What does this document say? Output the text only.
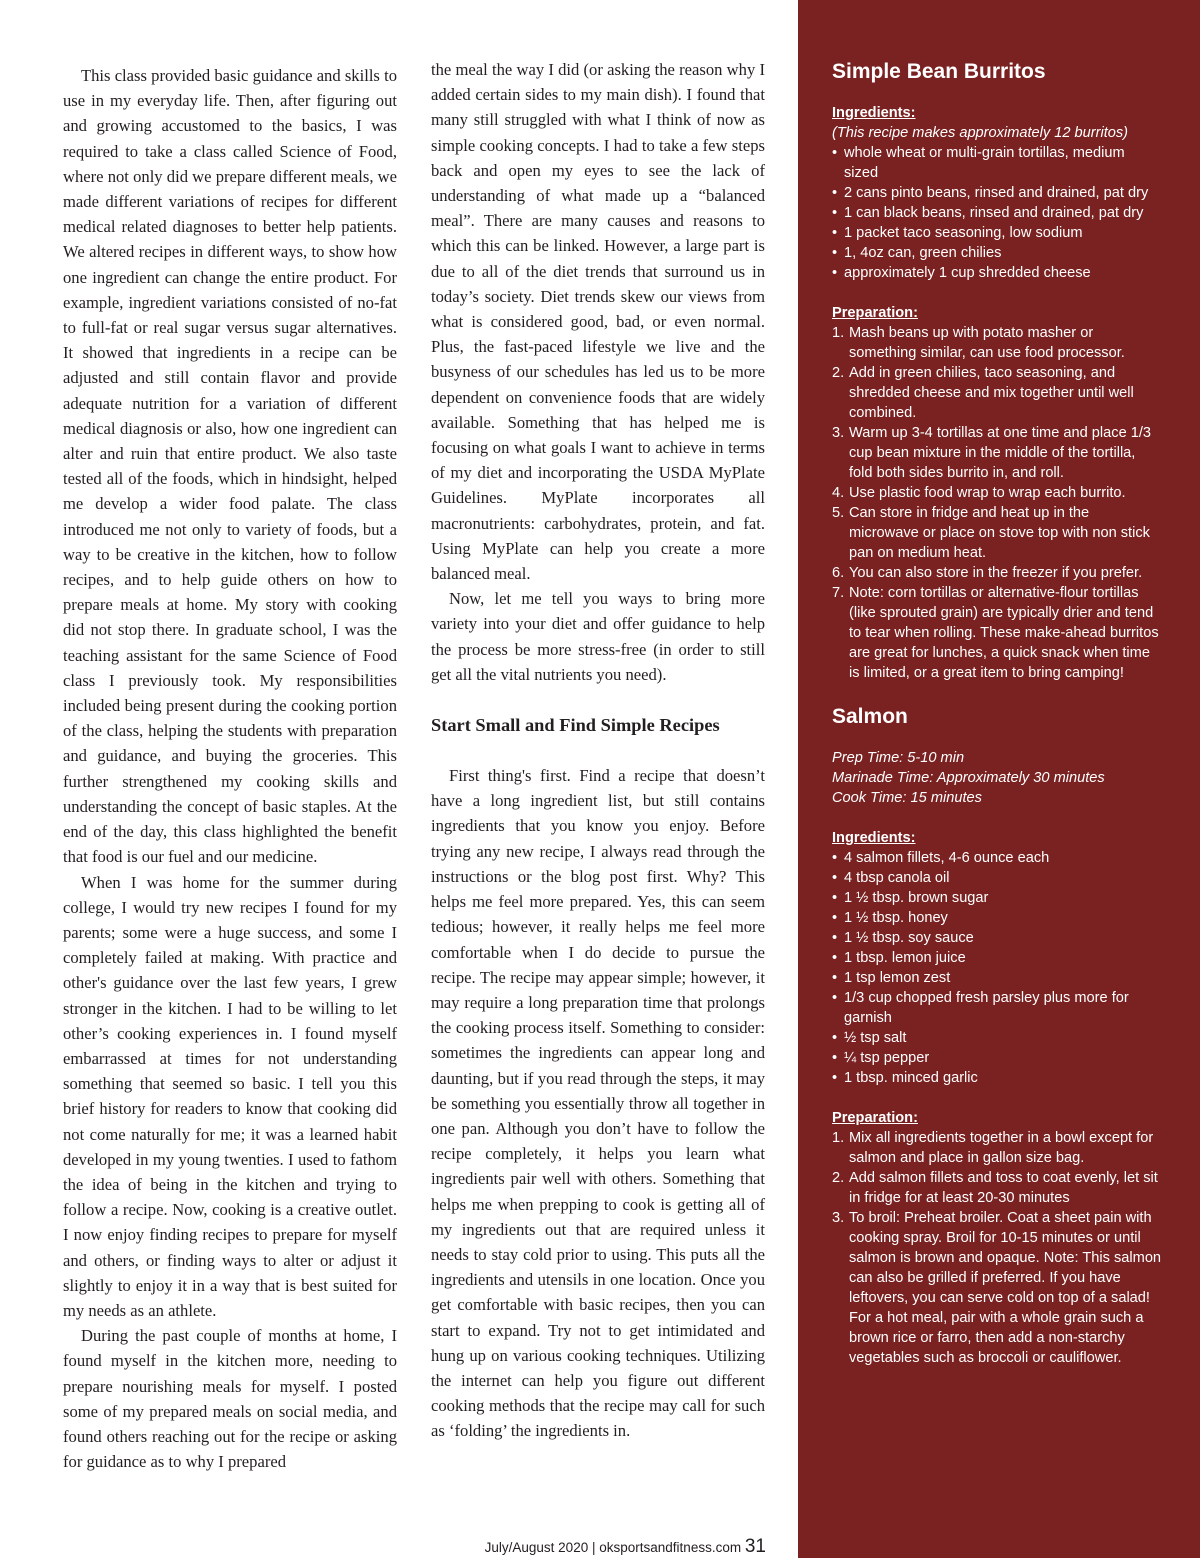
This class provided basic guidance and skills to use in my everyday life. Then, after figuring out and growing accustomed to the basics, I was required to take a class called Science of Food, where not only did we prepare different meals, we made different variations of recipes for different medical related diagnoses to better help patients. We altered recipes in different ways, to show how one ingredient can change the entire product. For example, ingredient variations consisted of no-fat to full-fat or real sugar versus sugar alternatives. It showed that ingredients in a recipe can be adjusted and still contain flavor and provide adequate nutrition for a variation of different medical diagnosis or also, how one ingredient can alter and ruin that entire product. We also taste tested all of the foods, which in hindsight, helped me develop a wider food palate. The class introduced me not only to variety of foods, but a way to be creative in the kitchen, how to follow recipes, and to help guide others on how to prepare meals at home. My story with cooking did not stop there. In graduate school, I was the teaching assistant for the same Science of Food class I previously took. My responsibilities included being present during the cooking portion of the class, helping the students with preparation and guidance, and buying the groceries. This further strengthened my cooking skills and understanding the concept of basic staples. At the end of the day, this class highlighted the benefit that food is our fuel and our medicine.

When I was home for the summer during college, I would try new recipes I found for my parents; some were a huge success, and some I completely failed at making. With practice and other's guidance over the last few years, I grew stronger in the kitchen. I had to be willing to let other’s cooking experiences in. I found myself embarrassed at times for not understanding something that seemed so basic. I tell you this brief history for readers to know that cooking did not come naturally for me; it was a learned habit developed in my young twenties. I used to fathom the idea of being in the kitchen and trying to follow a recipe. Now, cooking is a creative outlet. I now enjoy finding recipes to prepare for myself and others, or finding ways to alter or adjust it slightly to enjoy it in a way that is best suited for my needs as an athlete.

During the past couple of months at home, I found myself in the kitchen more, needing to prepare nourishing meals for myself. I posted some of my prepared meals on social media, and found others reaching out for the recipe or asking for guidance as to why I prepared

the meal the way I did (or asking the reason why I added certain sides to my main dish). I found that many still struggled with what I think of now as simple cooking concepts. I had to take a few steps back and open my eyes to see the lack of understanding of what made up a “balanced meal”. There are many causes and reasons to which this can be linked. However, a large part is due to all of the diet trends that surround us in today’s society. Diet trends skew our views from what is considered good, bad, or even normal. Plus, the fast-paced lifestyle we live and the busyness of our schedules has led us to be more dependent on convenience foods that are widely available. Something that has helped me is focusing on what goals I want to achieve in terms of my diet and incorporating the USDA MyPlate Guidelines. MyPlate incorporates all macronutrients: carbohydrates, protein, and fat. Using MyPlate can help you create a more balanced meal.

Now, let me tell you ways to bring more variety into your diet and offer guidance to help the process be more stress-free (in order to still get all the vital nutrients you need).

Start Small and Find Simple Recipes

First thing's first. Find a recipe that doesn’t have a long ingredient list, but still contains ingredients that you know you enjoy. Before trying any new recipe, I always read through the instructions or the blog post first. Why? This helps me feel more prepared. Yes, this can seem tedious; however, it really helps me feel more comfortable when I do decide to pursue the recipe. The recipe may appear simple; however, it may require a long preparation time that prolongs the cooking process itself. Something to consider: sometimes the ingredients can appear long and daunting, but if you read through the steps, it may be something you essentially throw all together in one pan. Although you don’t have to follow the recipe completely, it helps you learn what ingredients pair well with others. Something that helps me when prepping to cook is getting all of my ingredients out that are required unless it needs to stay cold prior to using. This puts all the ingredients and utensils in one location. Once you get comfortable with basic recipes, then you can start to expand. Try not to get intimidated and hung up on various cooking techniques. Utilizing the internet can help you figure out different cooking methods that the recipe may call for such as ‘folding’ the ingredients in.

July/August 2020 | oksportsandfitness.com 31
Simple Bean Burritos
Ingredients:
(This recipe makes approximately 12 burritos)
• whole wheat or multi-grain tortillas, medium sized
• 2 cans pinto beans, rinsed and drained, pat dry
• 1 can black beans, rinsed and drained, pat dry
• 1 packet taco seasoning, low sodium
• 1, 4oz can, green chilies
• approximately 1 cup shredded cheese
Preparation:
1. Mash beans up with potato masher or something similar, can use food processor.
2. Add in green chilies, taco seasoning, and shredded cheese and mix together until well combined.
3. Warm up 3-4 tortillas at one time and place 1/3 cup bean mixture in the middle of the tortilla, fold both sides burrito in, and roll.
4. Use plastic food wrap to wrap each burrito.
5. Can store in fridge and heat up in the microwave or place on stove top with non stick pan on medium heat.
6. You can also store in the freezer if you prefer.
7. Note: corn tortillas or alternative-flour tortillas (like sprouted grain) are typically drier and tend to tear when rolling. These make-ahead burritos are great for lunches, a quick snack when time is limited, or a great item to bring camping!
Salmon
Prep Time: 5-10 min
Marinade Time: Approximately 30 minutes
Cook Time: 15 minutes
Ingredients:
• 4 salmon fillets, 4-6 ounce each
• 4 tbsp canola oil
• 1 ½ tbsp. brown sugar
• 1 ½ tbsp. honey
• 1 ½ tbsp. soy sauce
• 1 tbsp. lemon juice
• 1 tsp lemon zest
• 1/3 cup chopped fresh parsley plus more for garnish
• ½ tsp salt
• ¼ tsp pepper
• 1 tbsp. minced garlic
Preparation:
1. Mix all ingredients together in a bowl except for salmon and place in gallon size bag.
2. Add salmon fillets and toss to coat evenly, let sit in fridge for at least 20-30 minutes
3. To broil: Preheat broiler. Coat a sheet pain with cooking spray. Broil for 10-15 minutes or until salmon is brown and opaque. Note: This salmon can also be grilled if preferred. If you have leftovers, you can serve cold on top of a salad! For a hot meal, pair with a whole grain such a brown rice or farro, then add a non-starchy vegetables such as broccoli or cauliflower.
